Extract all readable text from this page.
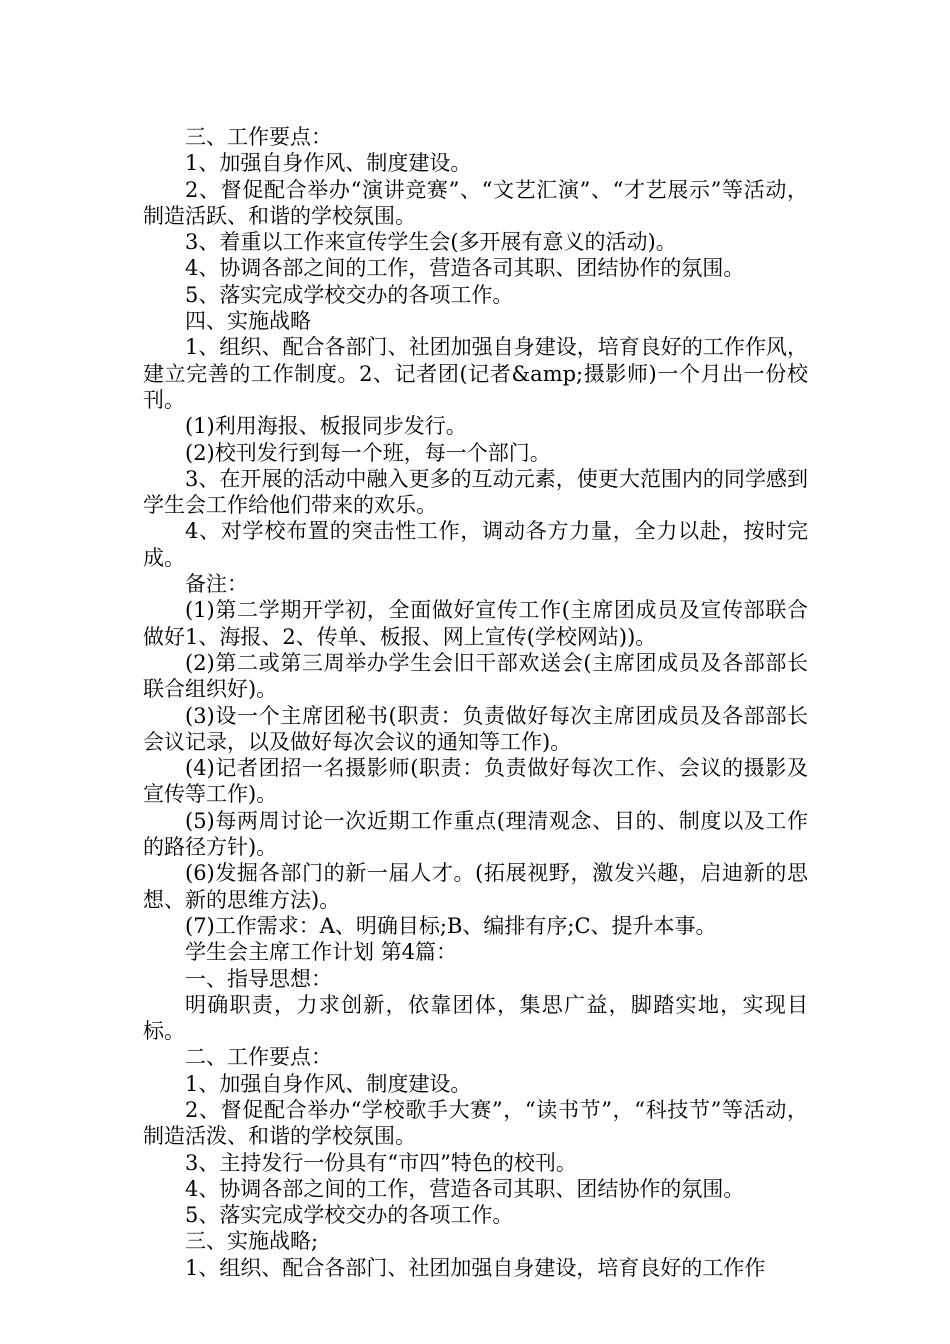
三、工作要点：

1、加强自身作风、制度建设。

2、督促配合举办“演讲竞赛”、“文艺汇演”、“才艺展示”等活动，制造活跃、和谐的学校氛围。

3、着重以工作来宣传学生会(多开展有意义的活动)。

4、协调各部之间的工作，营造各司其职、团结协作的氛围。

5、落实完成学校交办的各项工作。

四、实施战略

1、组织、配合各部门、社团加强自身建设，培育良好的工作作风，建立完善的工作制度。2、记者团(记者&amp;摄影师)一个月出一份校刊。

(1)利用海报、板报同步发行。

(2)校刊发行到每一个班，每一个部门。

3、在开展的活动中融入更多的互动元素，使更大范围内的同学感到学生会工作给他们带来的欢乐。

4、对学校布置的突击性工作，调动各方力量，全力以赴，按时完成。

备注：

(1)第二学期开学初，全面做好宣传工作(主席团成员及宣传部联合做好1、海报、2、传单、板报、网上宣传(学校网站))。

(2)第二或第三周举办学生会旧干部欢送会(主席团成员及各部部长联合组织好)。

(3)设一个主席团秘书(职责：负责做好每次主席团成员及各部部长会议记录，以及做好每次会议的通知等工作)。

(4)记者团招一名摄影师(职责：负责做好每次工作、会议的摄影及宣传等工作)。

(5)每两周讨论一次近期工作重点(理清观念、目的、制度以及工作的路径方针)。

(6)发掘各部门的新一届人才。(拓展视野，激发兴趣，启迪新的思想、新的思维方法)。

(7)工作需求：A、明确目标;B、编排有序;C、提升本事。

学生会主席工作计划 第4篇：

一、指导思想：

明确职责，力求创新，依靠团体，集思广益，脚踏实地，实现目标。

二、工作要点：

1、加强自身作风、制度建设。

2、督促配合举办“学校歌手大赛”，“读书节”，“科技节”等活动，制造活泼、和谐的学校氛围。

3、主持发行一份具有“市四”特色的校刊。

4、协调各部之间的工作，营造各司其职、团结协作的氛围。

5、落实完成学校交办的各项工作。

三、实施战略;

1、组织、配合各部门、社团加强自身建设，培育良好的工作作
